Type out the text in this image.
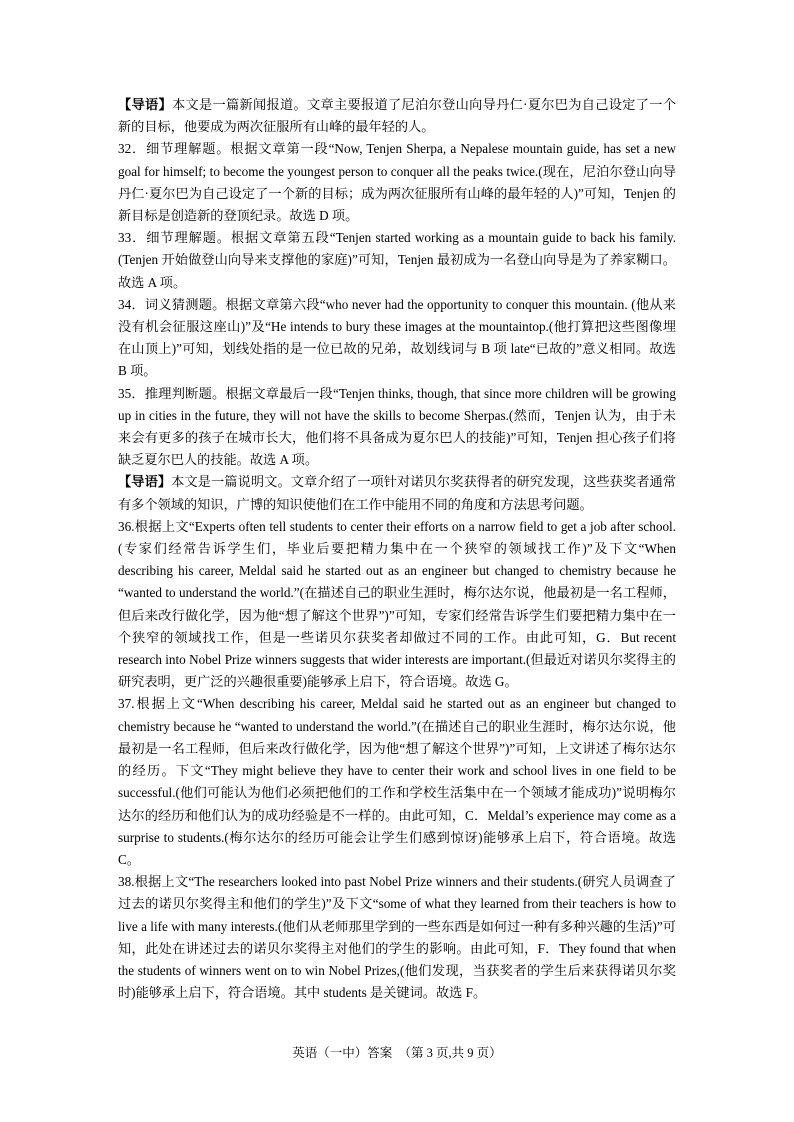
【导语】本文是一篇新闻报道。文章主要报道了尼泊尔登山向导丹仁·夏尔巴为自己设定了一个新的目标，他要成为两次征服所有山峰的最年轻的人。

32．细节理解题。根据文章第一段“Now, Tenjen Sherpa, a Nepalese mountain guide, has set a new goal for himself; to become the youngest person to conquer all the peaks twice.(现在，尼泊尔登山向导丹仁·夏尔巴为自己设定了一个新的目标；成为两次征服所有山峰的最年轻的人)”可知，Tenjen 的新目标是创造新的登顶纪录。故选 D 项。

33．细节理解题。根据文章第五段“Tenjen started working as a mountain guide to back his family.(Tenjen 开始做登山向导来支撑他的家庭)”可知，Tenjen 最初成为一名登山向导是为了养家糊口。故选 A 项。

34．词义猜测题。根据文章第六段“who never had the opportunity to conquer this mountain. (他从来没有机会征服这座山)”及“He intends to bury these images at the mountaintop.(他打算把这些图像埋在山顶上)”可知，划线处指的是一位已故的兄弟，故划线词与 B 项 late“已故的”意义相同。故选 B 项。

35．推理判断题。根据文章最后一段“Tenjen thinks, though, that since more children will be growing up in cities in the future, they will not have the skills to become Sherpas.(然而，Tenjen 认为，由于未来会有更多的孩子在城市长大，他们将不具备成为夏尔巴人的技能)”可知，Tenjen 担心孩子们将缺乏夏尔巴人的技能。故选 A 项。

【导语】本文是一篇说明文。文章介绍了一项针对诺贝尔奖获得者的研究发现，这些获奖者通常有多个领域的知识，广博的知识使他们在工作中能用不同的角度和方法思考问题。

36.根据上文“Experts often tell students to center their efforts on a narrow field to get a job after school.(专家们经常告诉学生们，毕业后要把精力集中在一个狭窄的领域找工作)”及下文“When describing his career, Meldal said he started out as an engineer but changed to chemistry because he “wanted to understand the world.”(在描述自己的职业生涯时，梅尔达尔说，他最初是一名工程师，但后来改行做化学，因为他“想了解这个世界”)”可知，专家们经常告诉学生们要把精力集中在一个狭窄的领域找工作，但是一些诺贝尔获奖者却做过不同的工作。由此可知，G．But recent research into Nobel Prize winners suggests that wider interests are important.(但最近对诺贝尔奖得主的研究表明，更广泛的兴趣很重要)能够承上启下，符合语境。故选 G。

37.根据上文“When describing his career, Meldal said he started out as an engineer but changed to chemistry because he “wanted to understand the world.”(在描述自己的职业生涯时，梅尔达尔说，他最初是一名工程师，但后来改行做化学，因为他“想了解这个世界”)”可知，上文讲述了梅尔达尔的经历。下文“They might believe they have to center their work and school lives in one field to be successful.(他们可能认为他们必须把他们的工作和学校生活集中在一个领域才能成功)”说明梅尔达尔的经历和他们认为的成功经验是不一样的。由此可知，C．Meldal’s experience may come as a surprise to students.(梅尔达尔的经历可能会让学生们感到惊讶)能够承上启下，符合语境。故选 C。

38.根据上文“The researchers looked into past Nobel Prize winners and their students.(研究人员调查了过去的诺贝尔奖得主和他们的学生)”及下文“some of what they learned from their teachers is how to live a life with many interests.(他们从老师那里学到的一些东西是如何过一种有多种兴趣的生活)”可知，此处在讲述过去的诺贝尔奖得主对他们的学生的影响。由此可知，F．They found that when the students of winners went on to win Nobel Prizes,(他们发现，当获奖者的学生后来获得诺贝尔奖时)能够承上启下，符合语境。其中 students 是关键词。故选 F。

英语（一中）答案　（第 3 页,共 9 页）
